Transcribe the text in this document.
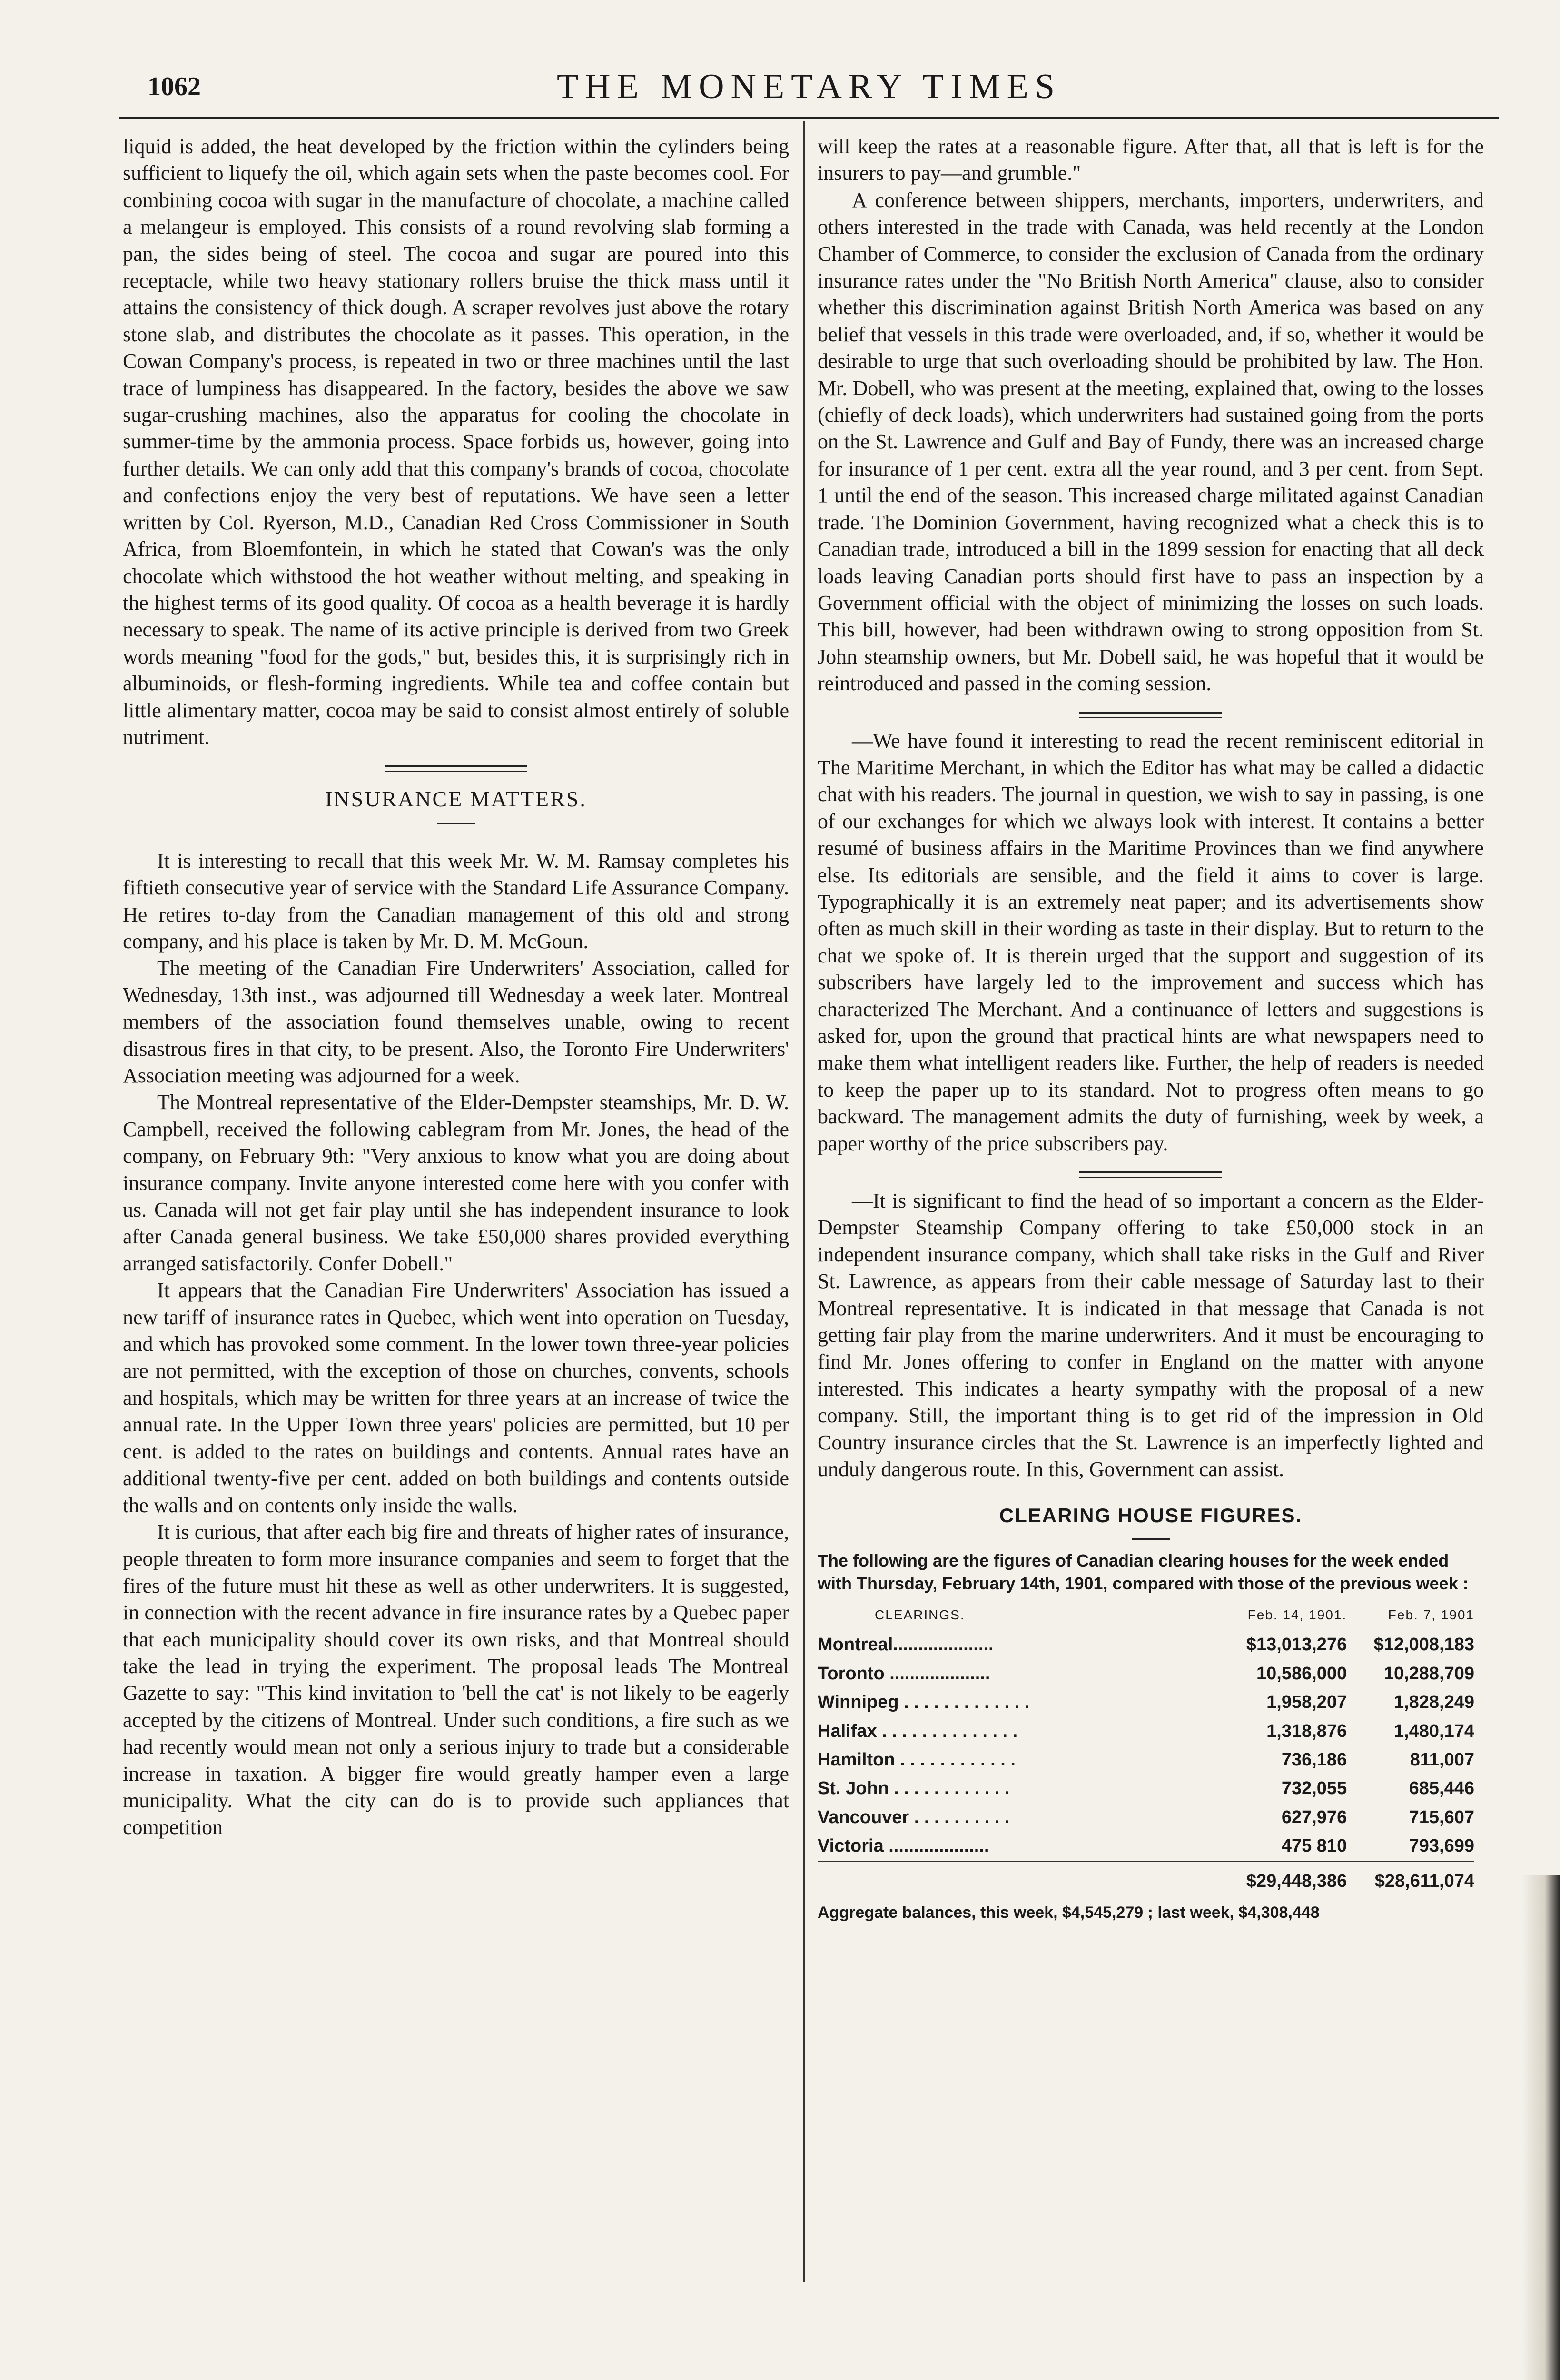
1062	THE MONETARY TIMES

liquid is added, the heat developed by the friction within the cylinders being sufficient to liquefy the oil, which again sets when the paste becomes cool. For combining cocoa with sugar in the manufacture of chocolate, a machine called a melangeur is employed. This consists of a round revolving slab forming a pan, the sides being of steel. The cocoa and sugar are poured into this receptacle, while two heavy stationary rollers bruise the thick mass until it attains the consistency of thick dough. A scraper revolves just above the rotary stone slab, and distributes the chocolate as it passes. This operation, in the Cowan Company's process, is repeated in two or three machines until the last trace of lumpiness has disappeared. In the factory, besides the above we saw sugar-crushing machines, also the apparatus for cooling the chocolate in summer-time by the ammonia process. Space forbids us, however, going into further details. We can only add that this company's brands of cocoa, chocolate and confections enjoy the very best of reputations. We have seen a letter written by Col. Ryerson, M.D., Canadian Red Cross Commissioner in South Africa, from Bloemfontein, in which he stated that Cowan's was the only chocolate which withstood the hot weather without melting, and speaking in the highest terms of its good quality. Of cocoa as a health beverage it is hardly necessary to speak. The name of its active principle is derived from two Greek words meaning "food for the gods," but, besides this, it is surprisingly rich in albuminoids, or flesh-forming ingredients. While tea and coffee contain but little alimentary matter, cocoa may be said to consist almost entirely of soluble nutriment.

INSURANCE MATTERS.

It is interesting to recall that this week Mr. W. M. Ramsay completes his fiftieth consecutive year of service with the Standard Life Assurance Company. He retires to-day from the Canadian management of this old and strong company, and his place is taken by Mr. D. M. McGoun.

The meeting of the Canadian Fire Underwriters' Association, called for Wednesday, 13th inst., was adjourned till Wednesday a week later. Montreal members of the association found themselves unable, owing to recent disastrous fires in that city, to be present. Also, the Toronto Fire Underwriters' Association meeting was adjourned for a week.

The Montreal representative of the Elder-Dempster steamships, Mr. D. W. Campbell, received the following cablegram from Mr. Jones, the head of the company, on February 9th: "Very anxious to know what you are doing about insurance company. Invite anyone interested come here with you confer with us. Canada will not get fair play until she has independent insurance to look after Canada general business. We take £50,000 shares provided everything arranged satisfactorily. Confer Dobell."

It appears that the Canadian Fire Underwriters' Association has issued a new tariff of insurance rates in Quebec, which went into operation on Tuesday, and which has provoked some comment. In the lower town three-year policies are not permitted, with the exception of those on churches, convents, schools and hospitals, which may be written for three years at an increase of twice the annual rate. In the Upper Town three years' policies are permitted, but 10 per cent. is added to the rates on buildings and contents. Annual rates have an additional twenty-five per cent. added on both buildings and contents outside the walls and on contents only inside the walls.

It is curious, that after each big fire and threats of higher rates of insurance, people threaten to form more insurance companies and seem to forget that the fires of the future must hit these as well as other underwriters. It is suggested, in connection with the recent advance in fire insurance rates by a Quebec paper that each municipality should cover its own risks, and that Montreal should take the lead in trying the experiment. The proposal leads The Montreal Gazette to say: "This kind invitation to 'bell the cat' is not likely to be eagerly accepted by the citizens of Montreal. Under such conditions, a fire such as we had recently would mean not only a serious injury to trade but a considerable increase in taxation. A bigger fire would greatly hamper even a large municipality. What the city can do is to provide such appliances that competition

will keep the rates at a reasonable figure. After that, all that is left is for the insurers to pay—and grumble."

A conference between shippers, merchants, importers, underwriters, and others interested in the trade with Canada, was held recently at the London Chamber of Commerce, to consider the exclusion of Canada from the ordinary insurance rates under the "No British North America" clause, also to consider whether this discrimination against British North America was based on any belief that vessels in this trade were overloaded, and, if so, whether it would be desirable to urge that such overloading should be prohibited by law. The Hon. Mr. Dobell, who was present at the meeting, explained that, owing to the losses (chiefly of deck loads), which underwriters had sustained going from the ports on the St. Lawrence and Gulf and Bay of Fundy, there was an increased charge for insurance of 1 per cent. extra all the year round, and 3 per cent. from Sept. 1 until the end of the season. This increased charge militated against Canadian trade. The Dominion Government, having recognized what a check this is to Canadian trade, introduced a bill in the 1899 session for enacting that all deck loads leaving Canadian ports should first have to pass an inspection by a Government official with the object of minimizing the losses on such loads. This bill, however, had been withdrawn owing to strong opposition from St. John steamship owners, but Mr. Dobell said, he was hopeful that it would be reintroduced and passed in the coming session.

—We have found it interesting to read the recent reminiscent editorial in The Maritime Merchant, in which the Editor has what may be called a didactic chat with his readers. The journal in question, we wish to say in passing, is one of our exchanges for which we always look with interest. It contains a better resumé of business affairs in the Maritime Provinces than we find anywhere else. Its editorials are sensible, and the field it aims to cover is large. Typographically it is an extremely neat paper; and its advertisements show often as much skill in their wording as taste in their display. But to return to the chat we spoke of. It is therein urged that the support and suggestion of its subscribers have largely led to the improvement and success which has characterized The Merchant. And a continuance of letters and suggestions is asked for, upon the ground that practical hints are what newspapers need to make them what intelligent readers like. Further, the help of readers is needed to keep the paper up to its standard. Not to progress often means to go backward. The management admits the duty of furnishing, week by week, a paper worthy of the price subscribers pay.

—It is significant to find the head of so important a concern as the Elder-Dempster Steamship Company offering to take £50,000 stock in an independent insurance company, which shall take risks in the Gulf and River St. Lawrence, as appears from their cable message of Saturday last to their Montreal representative. It is indicated in that message that Canada is not getting fair play from the marine underwriters. And it must be encouraging to find Mr. Jones offering to confer in England on the matter with anyone interested. This indicates a hearty sympathy with the proposal of a new company. Still, the important thing is to get rid of the impression in Old Country insurance circles that the St. Lawrence is an imperfectly lighted and unduly dangerous route. In this, Government can assist.

CLEARING HOUSE FIGURES.
The following are the figures of Canadian clearing houses for the week ended with Thursday, February 14th, 1901, compared with those of the previous week :
CLEARINGS.	Feb. 14, 1901.	Feb. 7, 1901
Montreal....................	$13,013,276	$12,008,183
Toronto ....................	10,586,000	10,288,709
Winnipeg . . . . . . . . . . . . .	1,958,207	1,828,249
Halifax . . . . . . . . . . . . . .	1,318,876	1,480,174
Hamilton . . . . . . . . . . . .	736,186	811,007
St. John . . . . . . . . . . . .	732,055	685,446
Vancouver . . . . . . . . . .	627,976	715,607
Victoria ....................	475 810	793,699
	$29,448,386	$28,611,074
Aggregate balances, this week, $4,545,279 ; last week, $4,308,448
